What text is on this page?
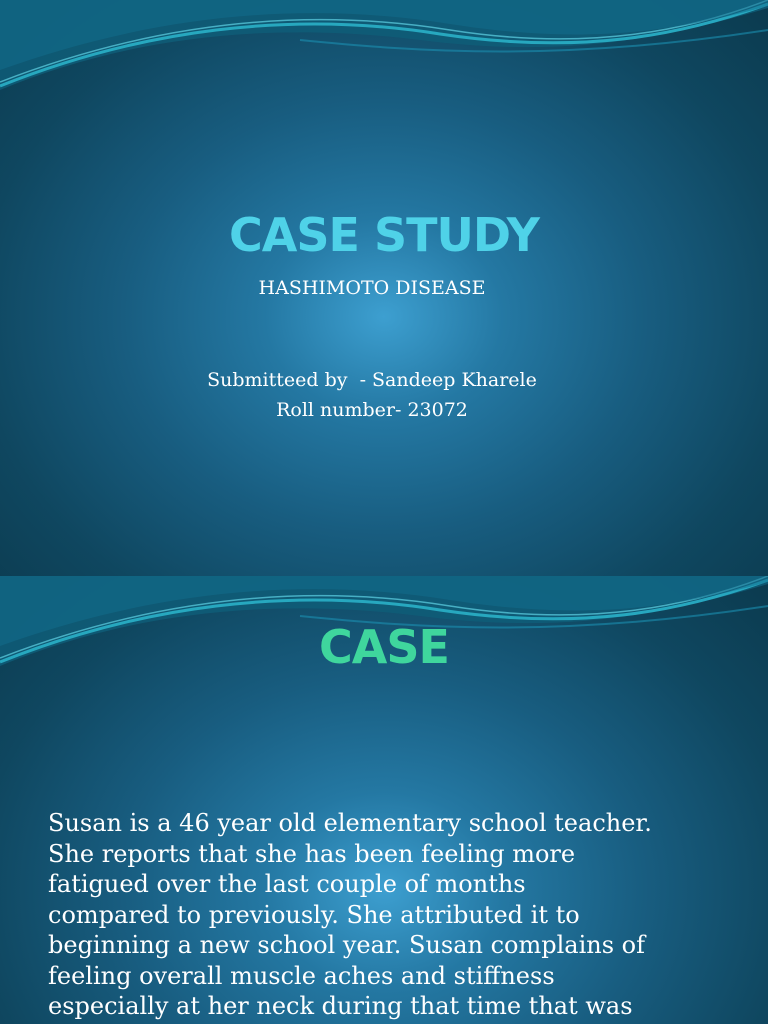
CASE STUDY

HASHIMOTO DISEASE

Submitteed by  - Sandeep Kharele
Roll number- 23072
CASE
Susan is a 46 year old elementary school teacher.
She reports that she has been feeling more
fatigued over the last couple of months
compared to previously. She attributed it to
beginning a new school year. Susan complains of
feeling overall muscle aches and stiffness
especially at her neck during that time that was
